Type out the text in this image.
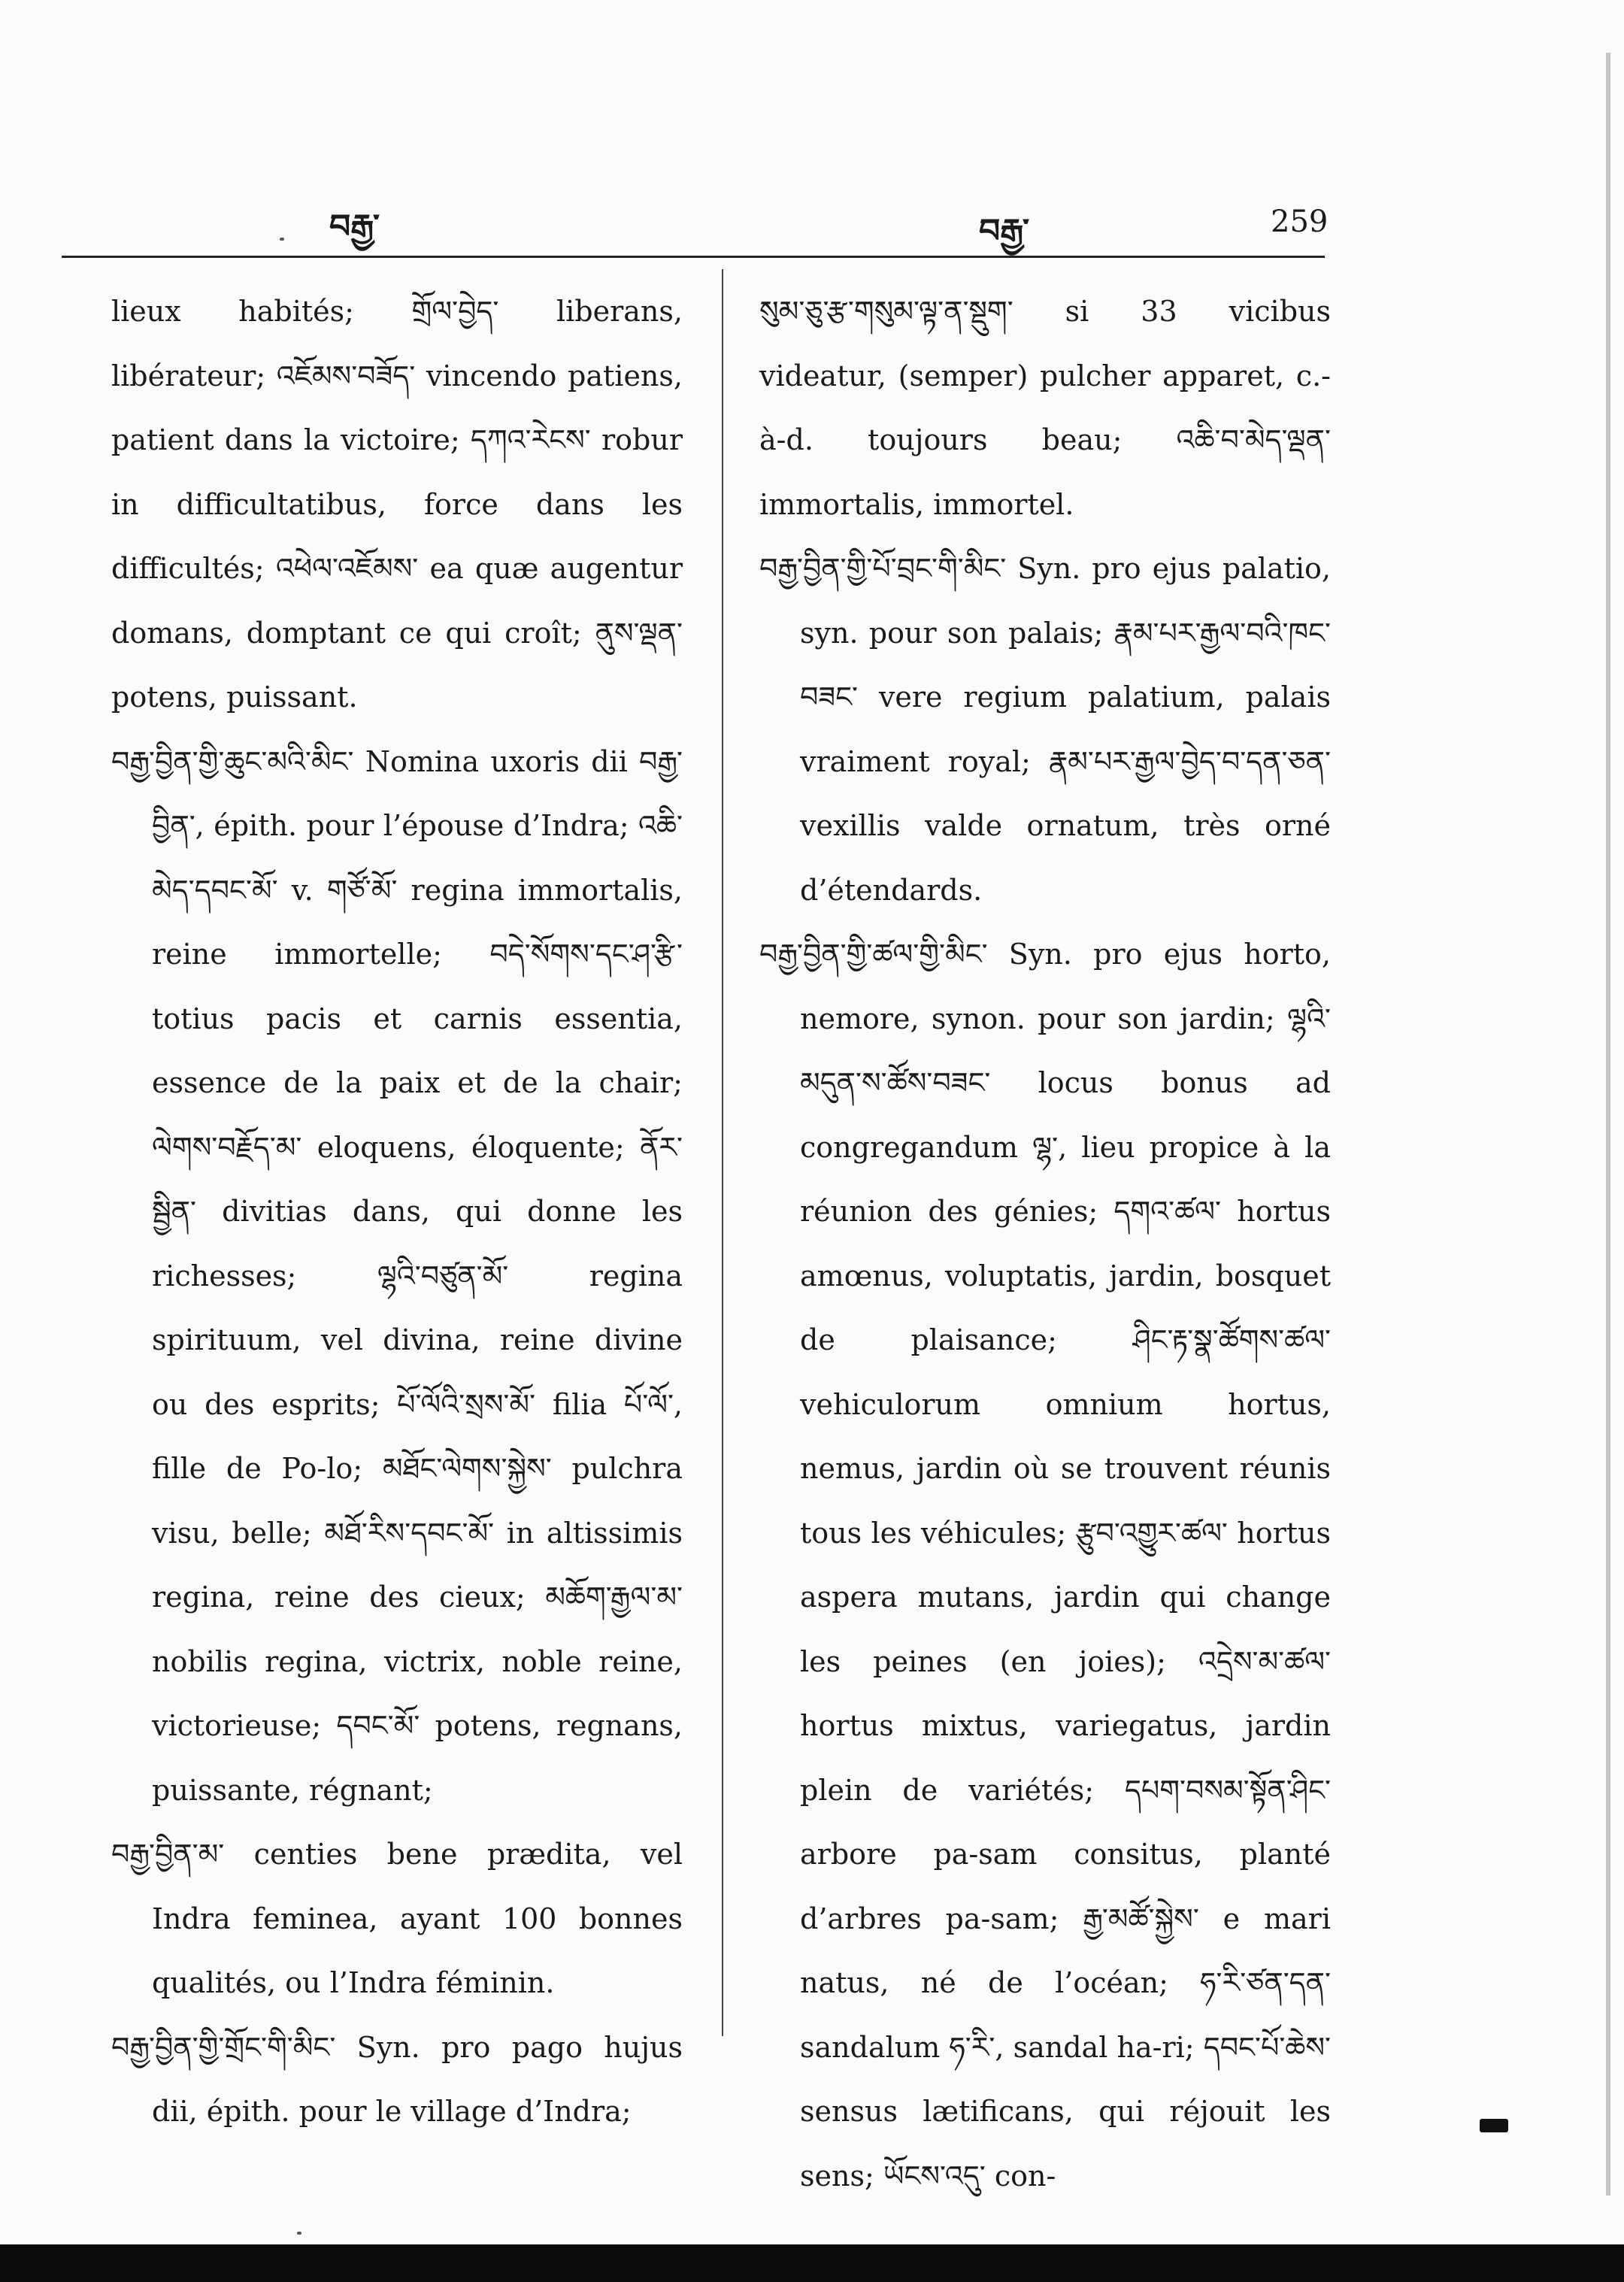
བརྒྱ་	བརྒྱ་	259

lieux habités; གྲོལ་བྱེད་ liberans, libérateur; འཇོམས་བཟོད་ vincendo patiens, patient dans la victoire; དཀའ་རེངས་ robur in difficultatibus, force dans les difficultés; འཕེལ་འཇོམས་ ea quæ augentur domans, domptant ce qui croît; ནུས་ལྡན་ potens, puissant.

བརྒྱ་བྱིན་གྱི་ཆུང་མའི་མིང་ Nomina uxoris dii བརྒྱ་བྱིན་, épith. pour l’épouse d’Indra; འཆི་མེད་དབང་མོ་ v. གཙོ་མོ་ regina immortalis, reine immortelle; བདེ་སོགས་དང་ཤ་རྩི་ totius pacis et carnis essentia, essence de la paix et de la chair; ལེགས་བརྗོད་མ་ eloquens, éloquente; ནོར་སྦྱིན་ divitias dans, qui donne les richesses; ལྷའི་བཙུན་མོ་ regina spirituum, vel divina, reine divine ou des esprits; པོ་ལོའི་སྲས་མོ་ filia པོ་ལོ་, fille de Po-lo; མཐོང་ལེགས་སྐྱེས་ pulchra visu, belle; མཐོ་རིས་དབང་མོ་ in altissimis regina, reine des cieux; མཆོག་རྒྱལ་མ་ nobilis regina, victrix, noble reine, victorieuse; དབང་མོ་ potens, regnans, puissante, régnant;

བརྒྱ་བྱིན་མ་ centies bene prædita, vel Indra feminea, ayant 100 bonnes qualités, ou l’Indra féminin.

བརྒྱ་བྱིན་གྱི་གྲོང་གི་མིང་ Syn. pro pago hujus dii, épith. pour le village d’Indra;

སུམ་ཅུ་རྩ་གསུམ་ལྟ་ན་སྡུག་ si 33 vicibus videatur, (semper) pulcher apparet, c.-à-d. toujours beau; འཆི་བ་མེད་ལྡན་ immortalis, immortel.

བརྒྱ་བྱིན་གྱི་པོ་བྲང་གི་མིང་ Syn. pro ejus palatio, syn. pour son palais; རྣམ་པར་རྒྱལ་བའི་ཁང་བཟང་ vere regium palatium, palais vraiment royal; རྣམ་པར་རྒྱལ་བྱེད་བ་དན་ཅན་ vexillis valde ornatum, très orné d’étendards.

བརྒྱ་བྱིན་གྱི་ཚལ་གྱི་མིང་ Syn. pro ejus horto, nemore, synon. pour son jardin; ལྷའི་མདུན་ས་ཚོས་བཟང་ locus bonus ad congregandum ལྷ་, lieu propice à la réunion des génies; དགའ་ཚལ་ hortus amœnus, voluptatis, jardin, bosquet de plaisance; ཤིང་རྟ་སྣ་ཚོགས་ཚལ་ vehiculorum omnium hortus, nemus, jardin où se trouvent réunis tous les véhicules; རྩུབ་འགྱུར་ཚལ་ hortus aspera mutans, jardin qui change les peines (en joies); འདྲེས་མ་ཚལ་ hortus mixtus, variegatus, jardin plein de variétés; དཔག་བསམ་སྟོན་ཤིང་ arbore pa-sam consitus, planté d’arbres pa-sam; རྒྱ་མཚོ་སྐྱེས་ e mari natus, né de l’océan; ཧ་རི་ཙན་དན་ sandalum ཧ་རི་, sandal ha-ri; དབང་པོ་ཆེས་ sensus lætificans, qui réjouit les sens; ཡོངས་འདུ་ con-
